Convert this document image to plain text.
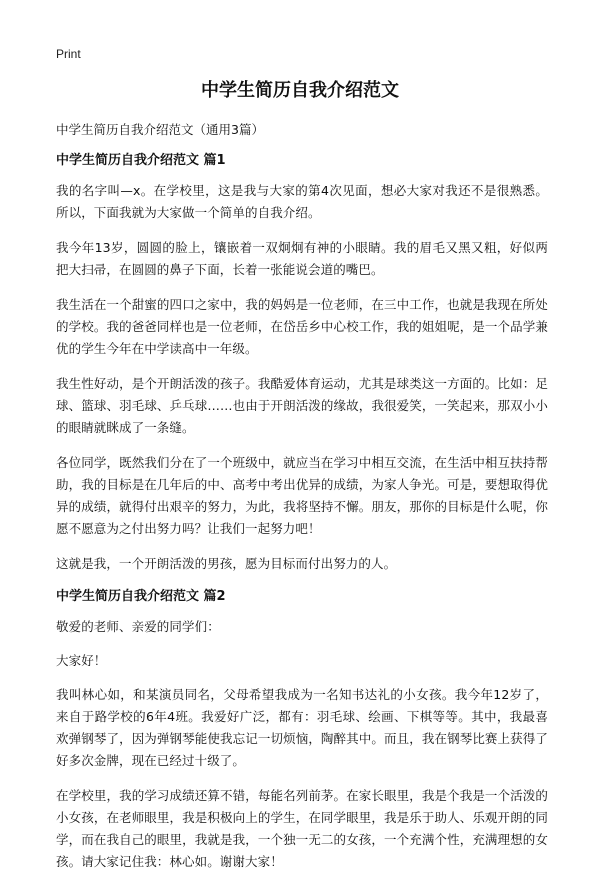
Print
中学生简历自我介绍范文

中学生简历自我介绍范文（通用3篇）

中学生简历自我介绍范文 篇1

我的名字叫—x。在学校里，这是我与大家的第4次见面，想必大家对我还不是很熟悉。所以，下面我就为大家做一个简单的自我介绍。

我今年13岁，圆圆的脸上，镶嵌着一双炯炯有神的小眼睛。我的眉毛又黑又粗，好似两把大扫帚，在圆圆的鼻子下面，长着一张能说会道的嘴巴。

我生活在一个甜蜜的四口之家中，我的妈妈是一位老师，在三中工作，也就是我现在所处的学校。我的爸爸同样也是一位老师，在岱岳乡中心校工作，我的姐姐呢，是一个品学兼优的学生今年在中学读高中一年级。

我生性好动，是个开朗活泼的孩子。我酷爱体育运动，尤其是球类这一方面的。比如：足球、篮球、羽毛球、乒乓球……也由于开朗活泼的缘故，我很爱笑，一笑起来，那双小小的眼睛就眯成了一条缝。

各位同学，既然我们分在了一个班级中，就应当在学习中相互交流，在生活中相互扶持帮助，我的目标是在几年后的中、高考中考出优异的成绩，为家人争光。可是，要想取得优异的成绩，就得付出艰辛的努力，为此，我将坚持不懈。朋友，那你的目标是什么呢，你愿不愿意为之付出努力吗？让我们一起努力吧！

这就是我，一个开朗活泼的男孩，愿为目标而付出努力的人。

中学生简历自我介绍范文 篇2

敬爱的老师、亲爱的同学们：

大家好！

我叫林心如，和某演员同名，父母希望我成为一名知书达礼的小女孩。我今年12岁了，来自于路学校的6年4班。我爱好广泛，都有：羽毛球、绘画、下棋等等。其中，我最喜欢弹钢琴了，因为弹钢琴能使我忘记一切烦恼，陶醉其中。而且，我在钢琴比赛上获得了好多次金牌，现在已经过十级了。

在学校里，我的学习成绩还算不错，每能名列前茅。在家长眼里，我是个我是一个活泼的小女孩，在老师眼里，我是积极向上的学生，在同学眼里，我是乐于助人、乐观开朗的同学，而在我自己的眼里，我就是我，一个独一无二的女孩，一个充满个性，充满理想的女孩。请大家记住我：林心如。谢谢大家！
